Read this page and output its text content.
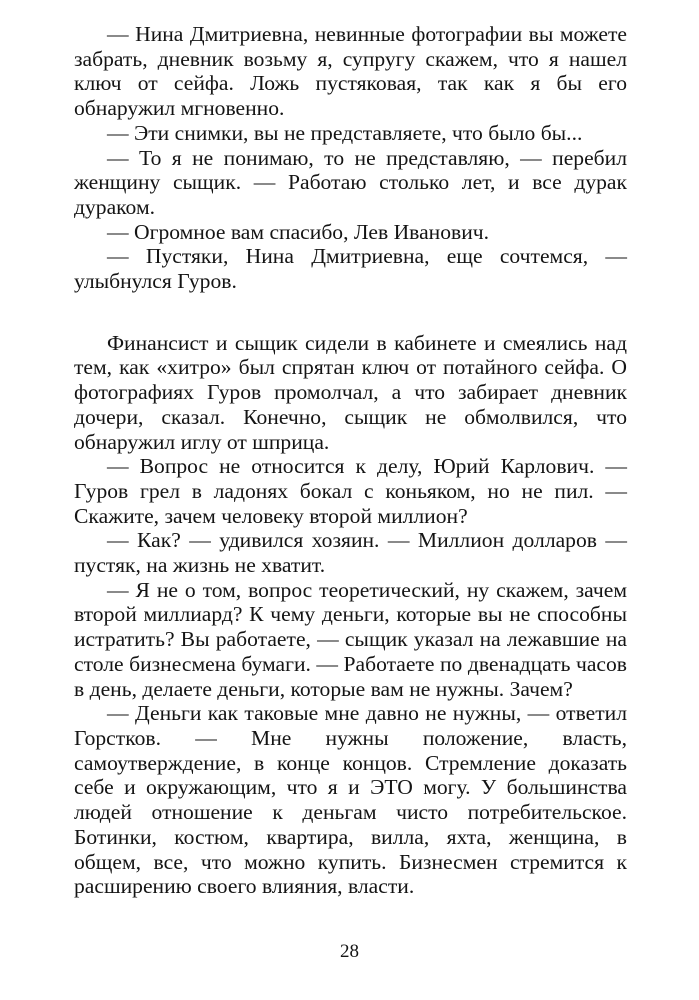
— Нина Дмитриевна, невинные фотографии вы можете забрать, дневник возьму я, супругу скажем, что я нашел ключ от сейфа. Ложь пустяковая, так как я бы его обнаружил мгновенно.

— Эти снимки, вы не представляете, что было бы...

— То я не понимаю, то не представляю, — перебил женщину сыщик. — Работаю столько лет, и все дурак дураком.

— Огромное вам спасибо, Лев Иванович.

— Пустяки, Нина Дмитриевна, еще сочтемся, — улыбнулся Гуров.

Финансист и сыщик сидели в кабинете и смеялись над тем, как «хитро» был спрятан ключ от потайного сейфа. О фотографиях Гуров промолчал, а что забирает дневник дочери, сказал. Конечно, сыщик не обмолвился, что обнаружил иглу от шприца.

— Вопрос не относится к делу, Юрий Карлович. — Гуров грел в ладонях бокал с коньяком, но не пил. — Скажите, зачем человеку второй миллион?

— Как? — удивился хозяин. — Миллион долларов — пустяк, на жизнь не хватит.

— Я не о том, вопрос теоретический, ну скажем, зачем второй миллиард? К чему деньги, которые вы не способны истратить? Вы работаете, — сыщик указал на лежавшие на столе бизнесмена бумаги. — Работаете по двенадцать часов в день, делаете деньги, которые вам не нужны. Зачем?

— Деньги как таковые мне давно не нужны, — ответил Горстков. — Мне нужны положение, власть, самоутверждение, в конце концов. Стремление доказать себе и окружающим, что я и ЭТО могу. У большинства людей отношение к деньгам чисто потребительское. Ботинки, костюм, квартира, вилла, яхта, женщина, в общем, все, что можно купить. Бизнесмен стремится к расширению своего влияния, власти.

28
